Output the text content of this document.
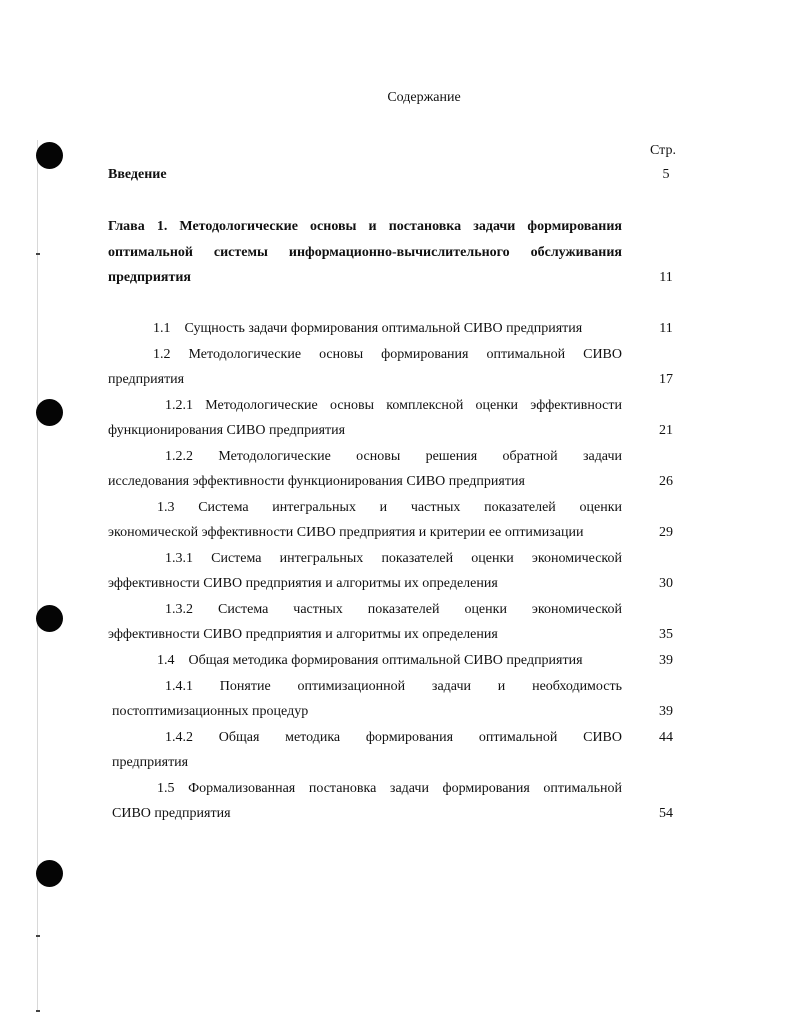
Содержание
Стр.
Введение	5
Глава 1. Методологические основы и постановка задачи формирования
оптимальной системы информационно-вычислительного обслуживания
предприятия	11
1.1    Сущность задачи формирования оптимальной СИВО предприятия	11
1.2 Методологические основы формирования оптимальной СИВО
предприятия	17
1.2.1 Методологические основы комплексной оценки эффективности
функционирования СИВО предприятия	21
1.2.2 Методологические основы решения обратной задачи
исследования эффективности функционирования СИВО предприятия	26
1.3 Система интегральных и частных показателей оценки
экономической эффективности СИВО предприятия и критерии ее оптимизации	29
1.3.1 Система интегральных показателей оценки экономической
эффективности СИВО предприятия и алгоритмы их определения	30
1.3.2 Система частных показателей оценки экономической
эффективности СИВО предприятия и алгоритмы их определения	35
1.4    Общая методика формирования оптимальной СИВО предприятия	39
1.4.1 Понятие оптимизационной задачи и необходимость
постоптимизационных процедур	39
1.4.2 Общая методика формирования оптимальной СИВО	44
предприятия
1.5 Формализованная постановка задачи формирования оптимальной
СИВО предприятия	54
